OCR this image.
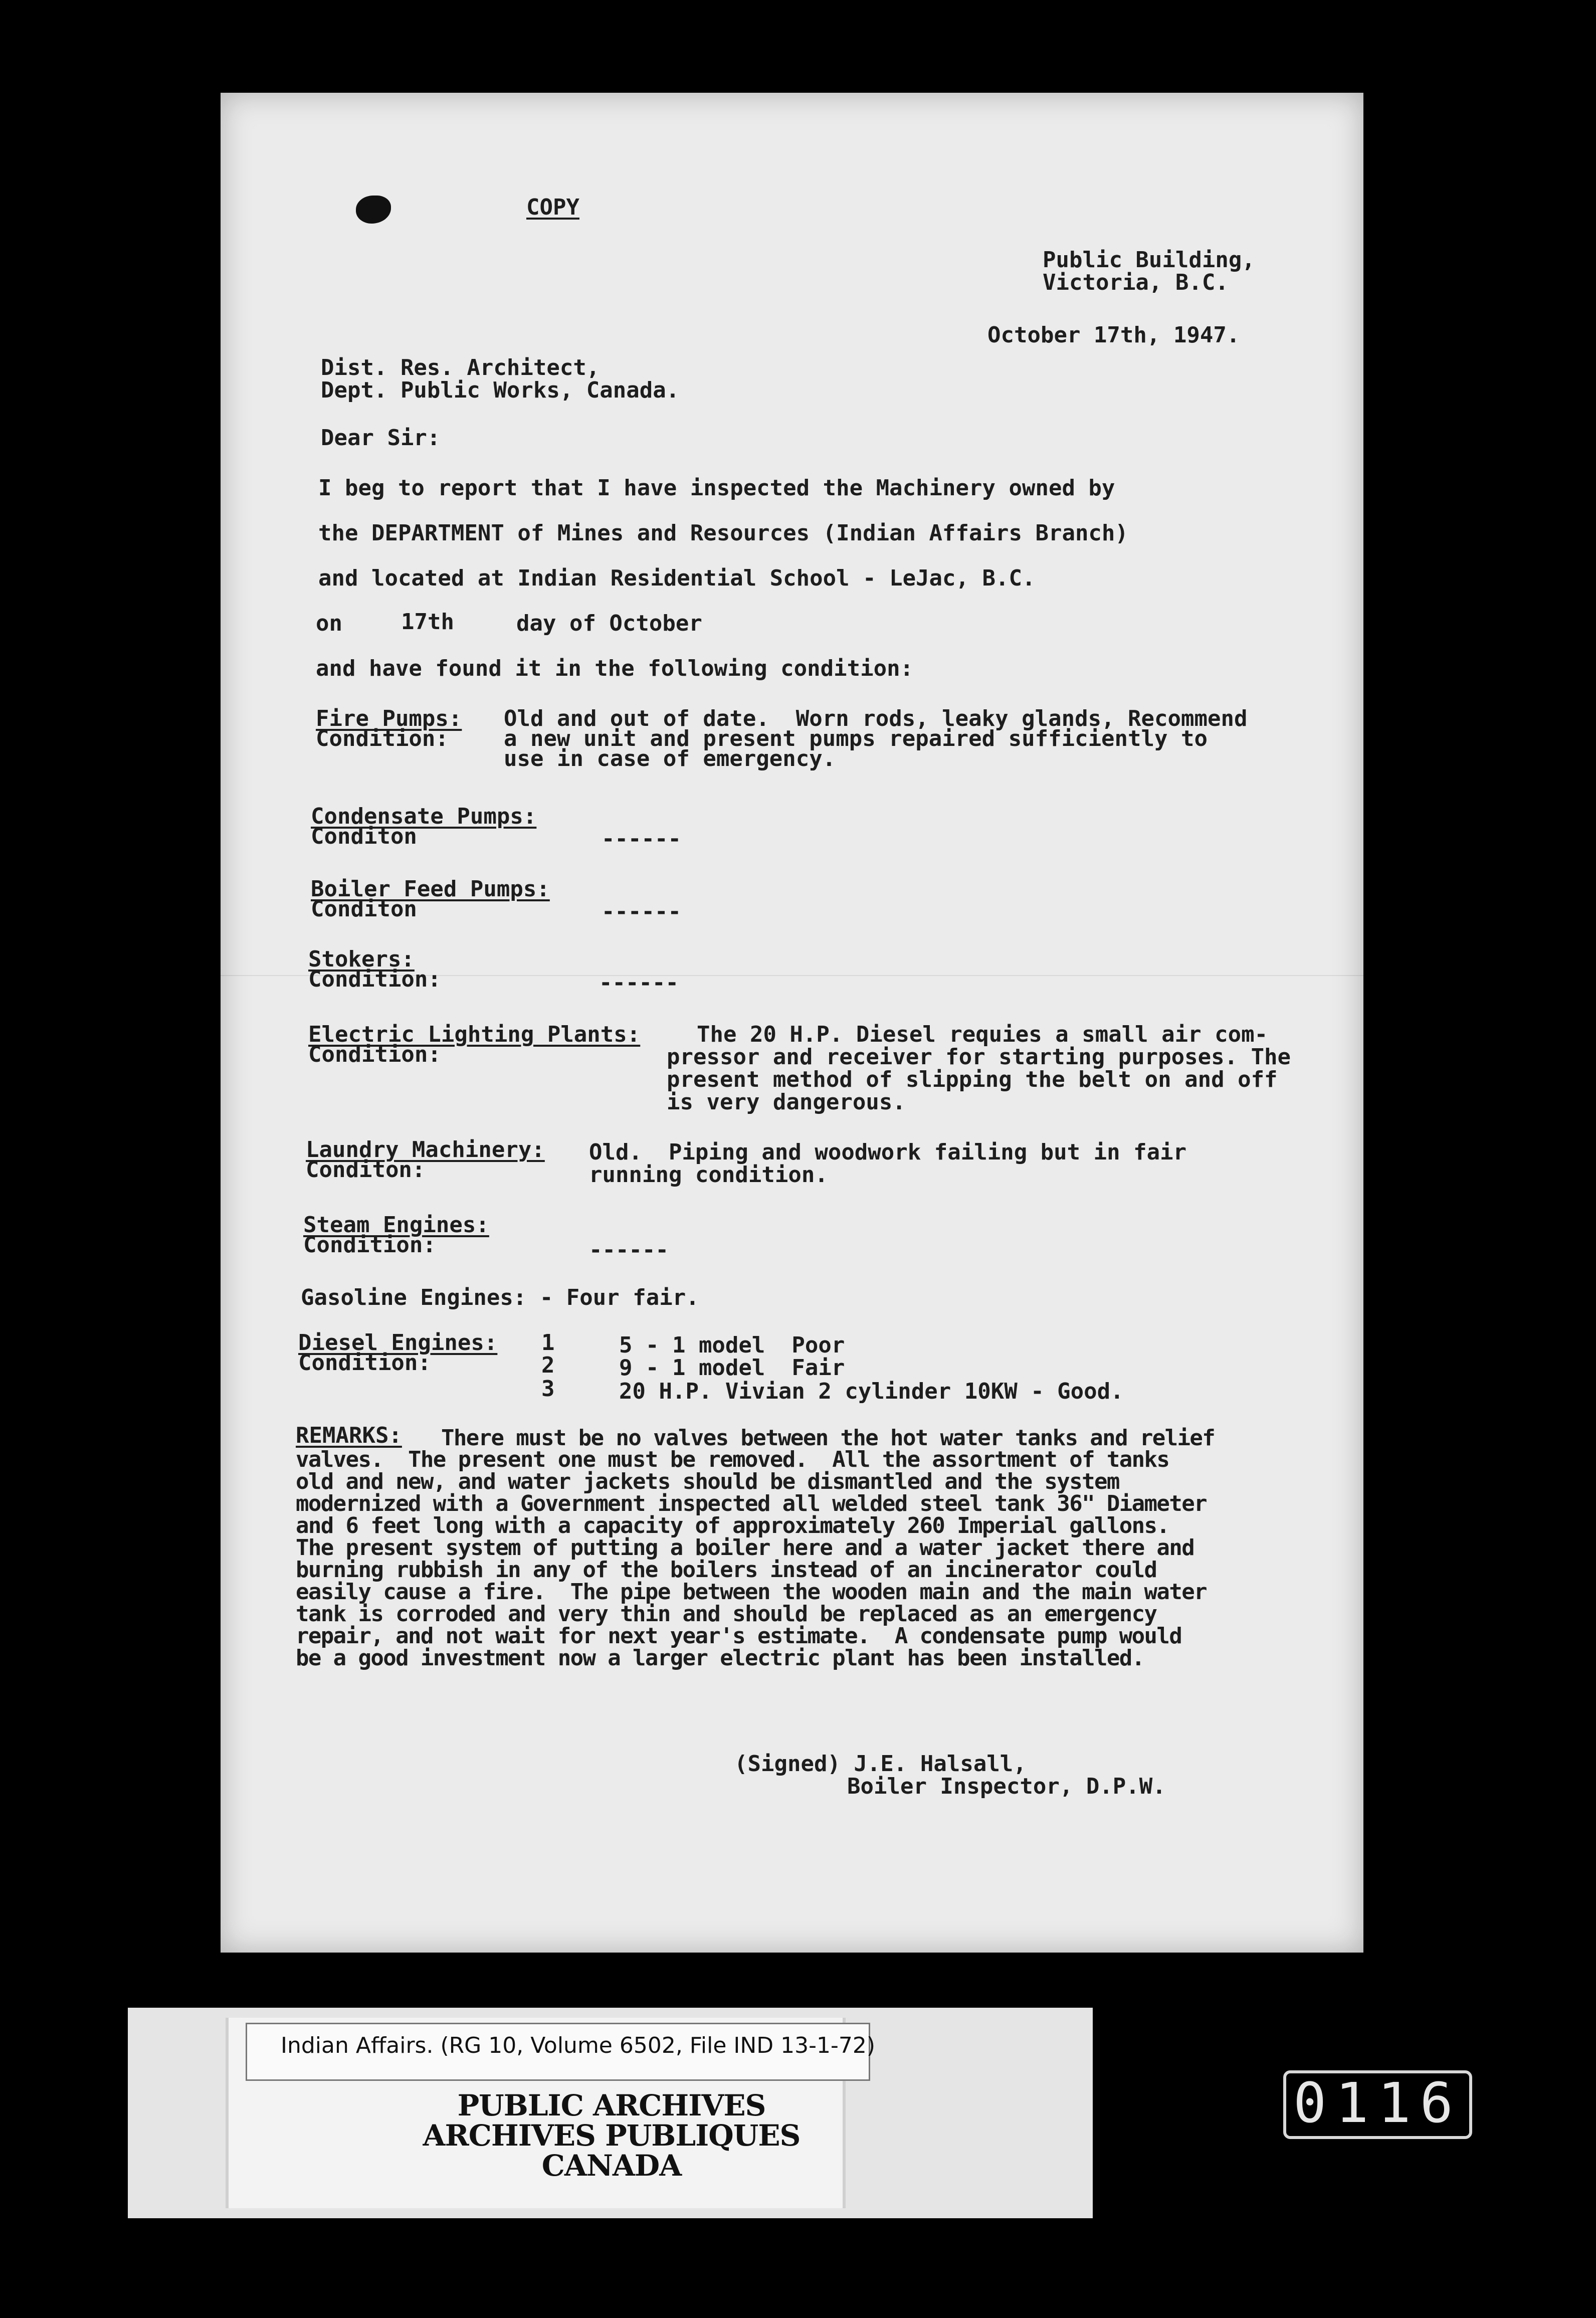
COPY
Public Building,
Victoria, B.C.
October 17th, 1947.
Dist. Res. Architect,
Dept. Public Works, Canada.
Dear Sir:
I beg to report that I have inspected the Machinery owned by
the DEPARTMENT of Mines and Resources (Indian Affairs Branch)
and located at Indian Residential School - LeJac, B.C.
on	17th	day of October
and have found it in the following condition:
Fire Pumps:
Condition:
Old and out of date.  Worn rods, leaky glands, Recommend
a new unit and present pumps repaired sufficiently to
use in case of emergency.
Condensate Pumps:
Conditon	------
Boiler Feed Pumps:
Conditon	------
Stokers:
Condition:	------
Electric Lighting Plants:
Condition:
The 20 H.P. Diesel requies a small air com-
pressor and receiver for starting purposes. The
present method of slipping the belt on and off
is very dangerous.
Laundry Machinery:
Conditon:
Old.  Piping and woodwork failing but in fair
running condition.
Steam Engines:
Condition:	------
Gasoline Engines: - Four fair.
Diesel Engines:
Condition:
1	5 - 1 model  Poor
2	9 - 1 model  Fair
3	20 H.P. Vivian 2 cylinder 10KW - Good.
REMARKS: There must be no valves between the hot water tanks and relief
valves.  The present one must be removed.  All the assortment of tanks
old and new, and water jackets should be dismantled and the system
modernized with a Government inspected all welded steel tank 36" Diameter
and 6 feet long with a capacity of approximately 260 Imperial gallons.
The present system of putting a boiler here and a water jacket there and
burning rubbish in any of the boilers instead of an incinerator could
easily cause a fire.  The pipe between the wooden main and the main water
tank is corroded and very thin and should be replaced as an emergency
repair, and not wait for next year's estimate.  A condensate pump would
be a good investment now a larger electric plant has been installed.
(Signed) J.E. Halsall,
Boiler Inspector, D.P.W.
Indian Affairs. (RG 10, Volume 6502, File IND 13-1-72)
PUBLIC ARCHIVES
ARCHIVES PUBLIQUES
CANADA
0116
